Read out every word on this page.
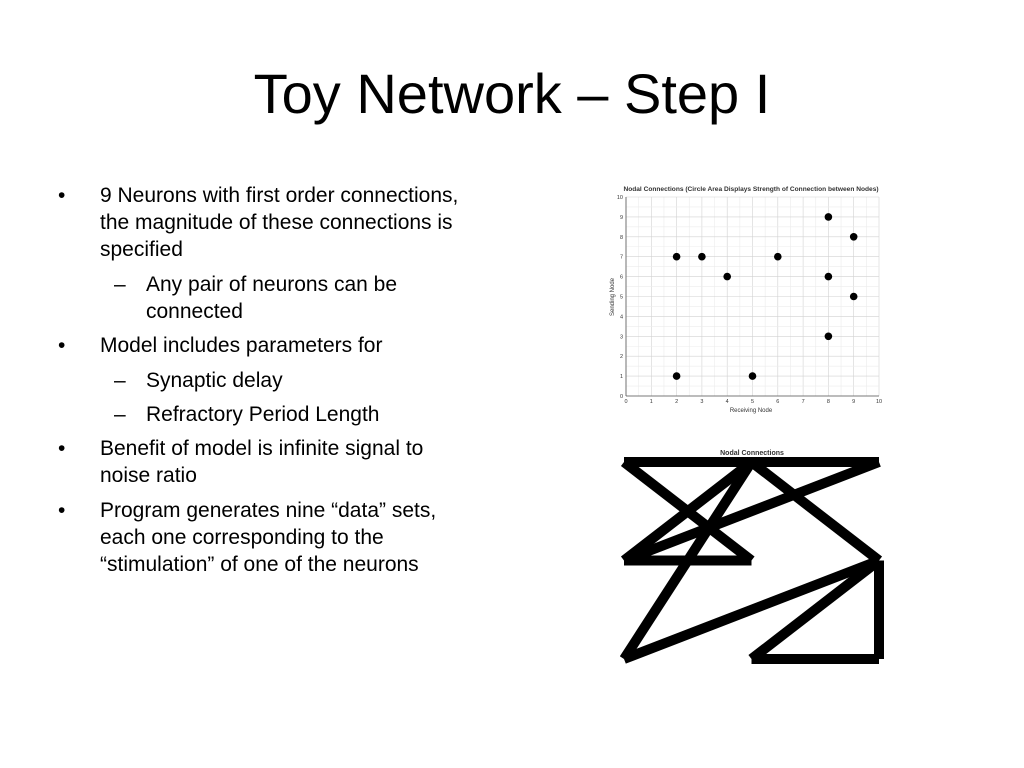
Toy Network – Step I
• 9 Neurons with first order connections, the magnitude of these connections is specified
– Any pair of neurons can be connected
• Model includes parameters for
– Synaptic delay
– Refractory Period Length
• Benefit of model is infinite signal to noise ratio
• Program generates nine “data” sets, each one corresponding to the “stimulation” of one of the neurons
Nodal Connections (Circle Area Displays Strength of Connection between Nodes)
Receiving Node
Sending Node
0	1	2	3	4	5	6	7	8	9	10
0
1
2
3
4
5
6
7
8
9
10
Nodal Connections
